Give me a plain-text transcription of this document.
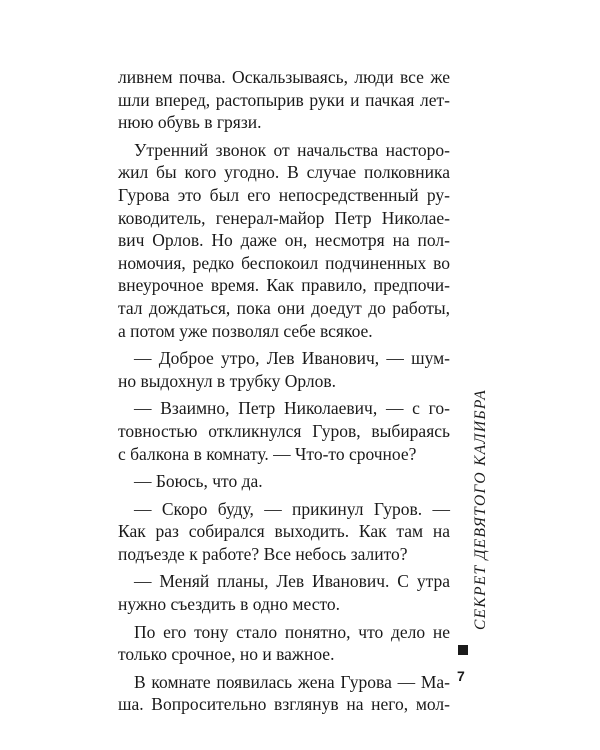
ливнем почва. Оскальзываясь, люди все же
шли вперед, растопырив руки и пачкая лет-
нюю обувь в грязи.

Утренний звонок от начальства насторо-
жил бы кого угодно. В случае полковника
Гурова это был его непосредственный ру-
ководитель, генерал-майор Петр Николае-
вич Орлов. Но даже он, несмотря на пол-
номочия, редко беспокоил подчиненных во
внеурочное время. Как правило, предпочи-
тал дождаться, пока они доедут до работы,
а потом уже позволял себе всякое.

— Доброе утро, Лев Иванович, — шум-
но выдохнул в трубку Орлов.

— Взаимно, Петр Николаевич, — с го-
товностью откликнулся Гуров, выбираясь
с балкона в комнату. — Что-то срочное?

— Боюсь, что да.

— Скоро буду, — прикинул Гуров. —
Как раз собирался выходить. Как там на
подъезде к работе? Все небось залито?

— Меняй планы, Лев Иванович. С утра
нужно съездить в одно место.

По его тону стало понятно, что дело не
только срочное, но и важное.

В комнате появилась жена Гурова — Ма-
ша. Вопросительно взглянув на него, мол-

СЕКРЕТ ДЕВЯТОГО КАЛИБРА
7
